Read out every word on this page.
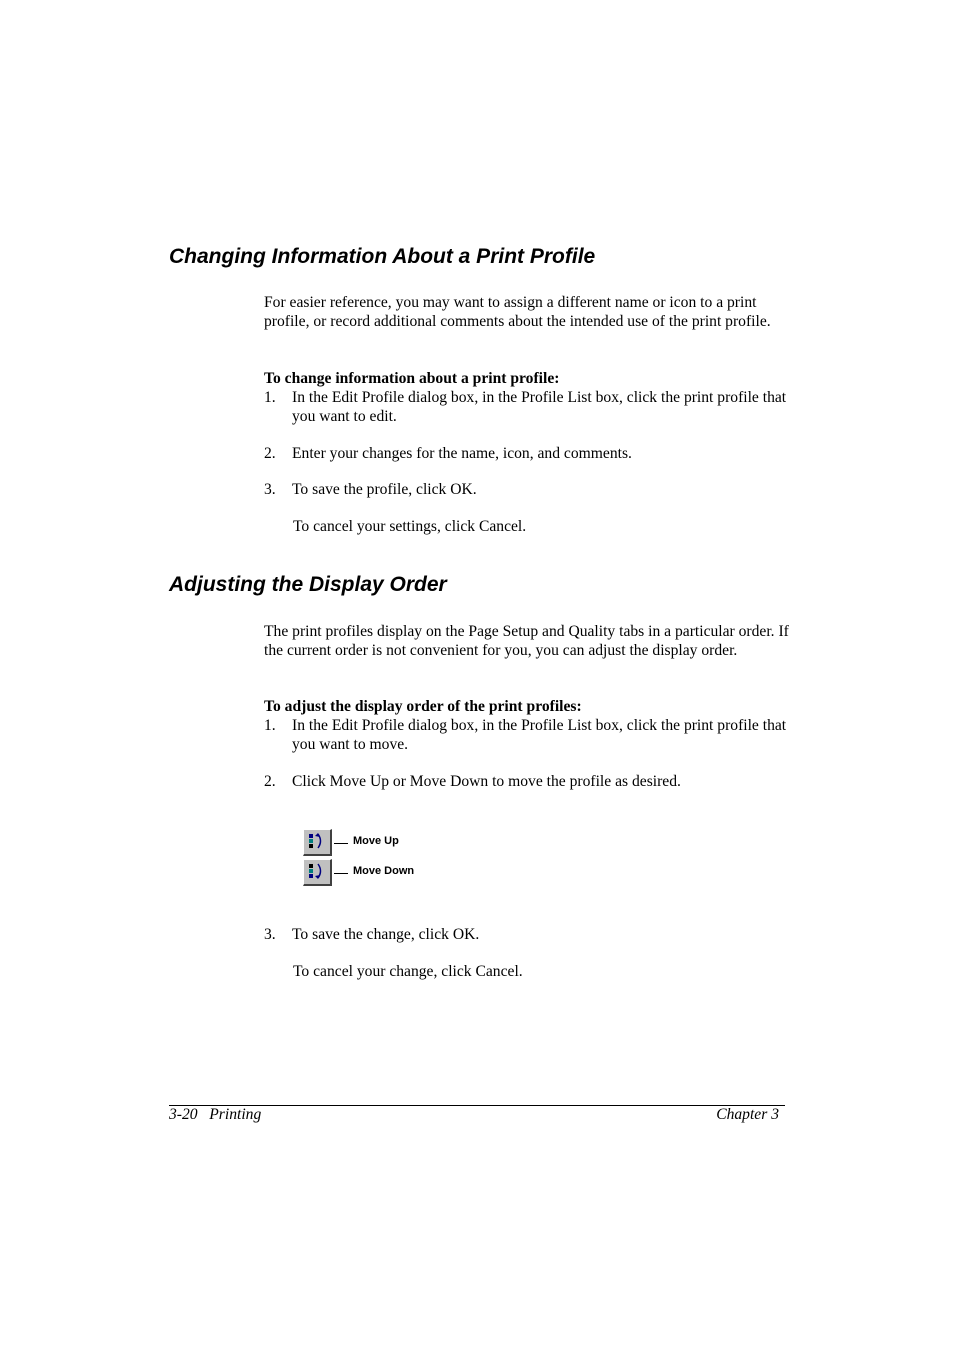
Changing Information About a Print Profile
For easier reference, you may want to assign a different name or icon to a print profile, or record additional comments about the intended use of the print profile.
To change information about a print profile:
1. In the Edit Profile dialog box, in the Profile List box, click the print profile that you want to edit.
2. Enter your changes for the name, icon, and comments.
3. To save the profile, click OK.
To cancel your settings, click Cancel.
Adjusting the Display Order
The print profiles display on the Page Setup and Quality tabs in a particular order. If the current order is not convenient for you, you can adjust the display order.
To adjust the display order of the print profiles:
1. In the Edit Profile dialog box, in the Profile List box, click the print profile that you want to move.
2. Click Move Up or Move Down to move the profile as desired.
Move Up
Move Down
3. To save the change, click OK.
To cancel your change, click Cancel.
3-20   Printing	Chapter 3
